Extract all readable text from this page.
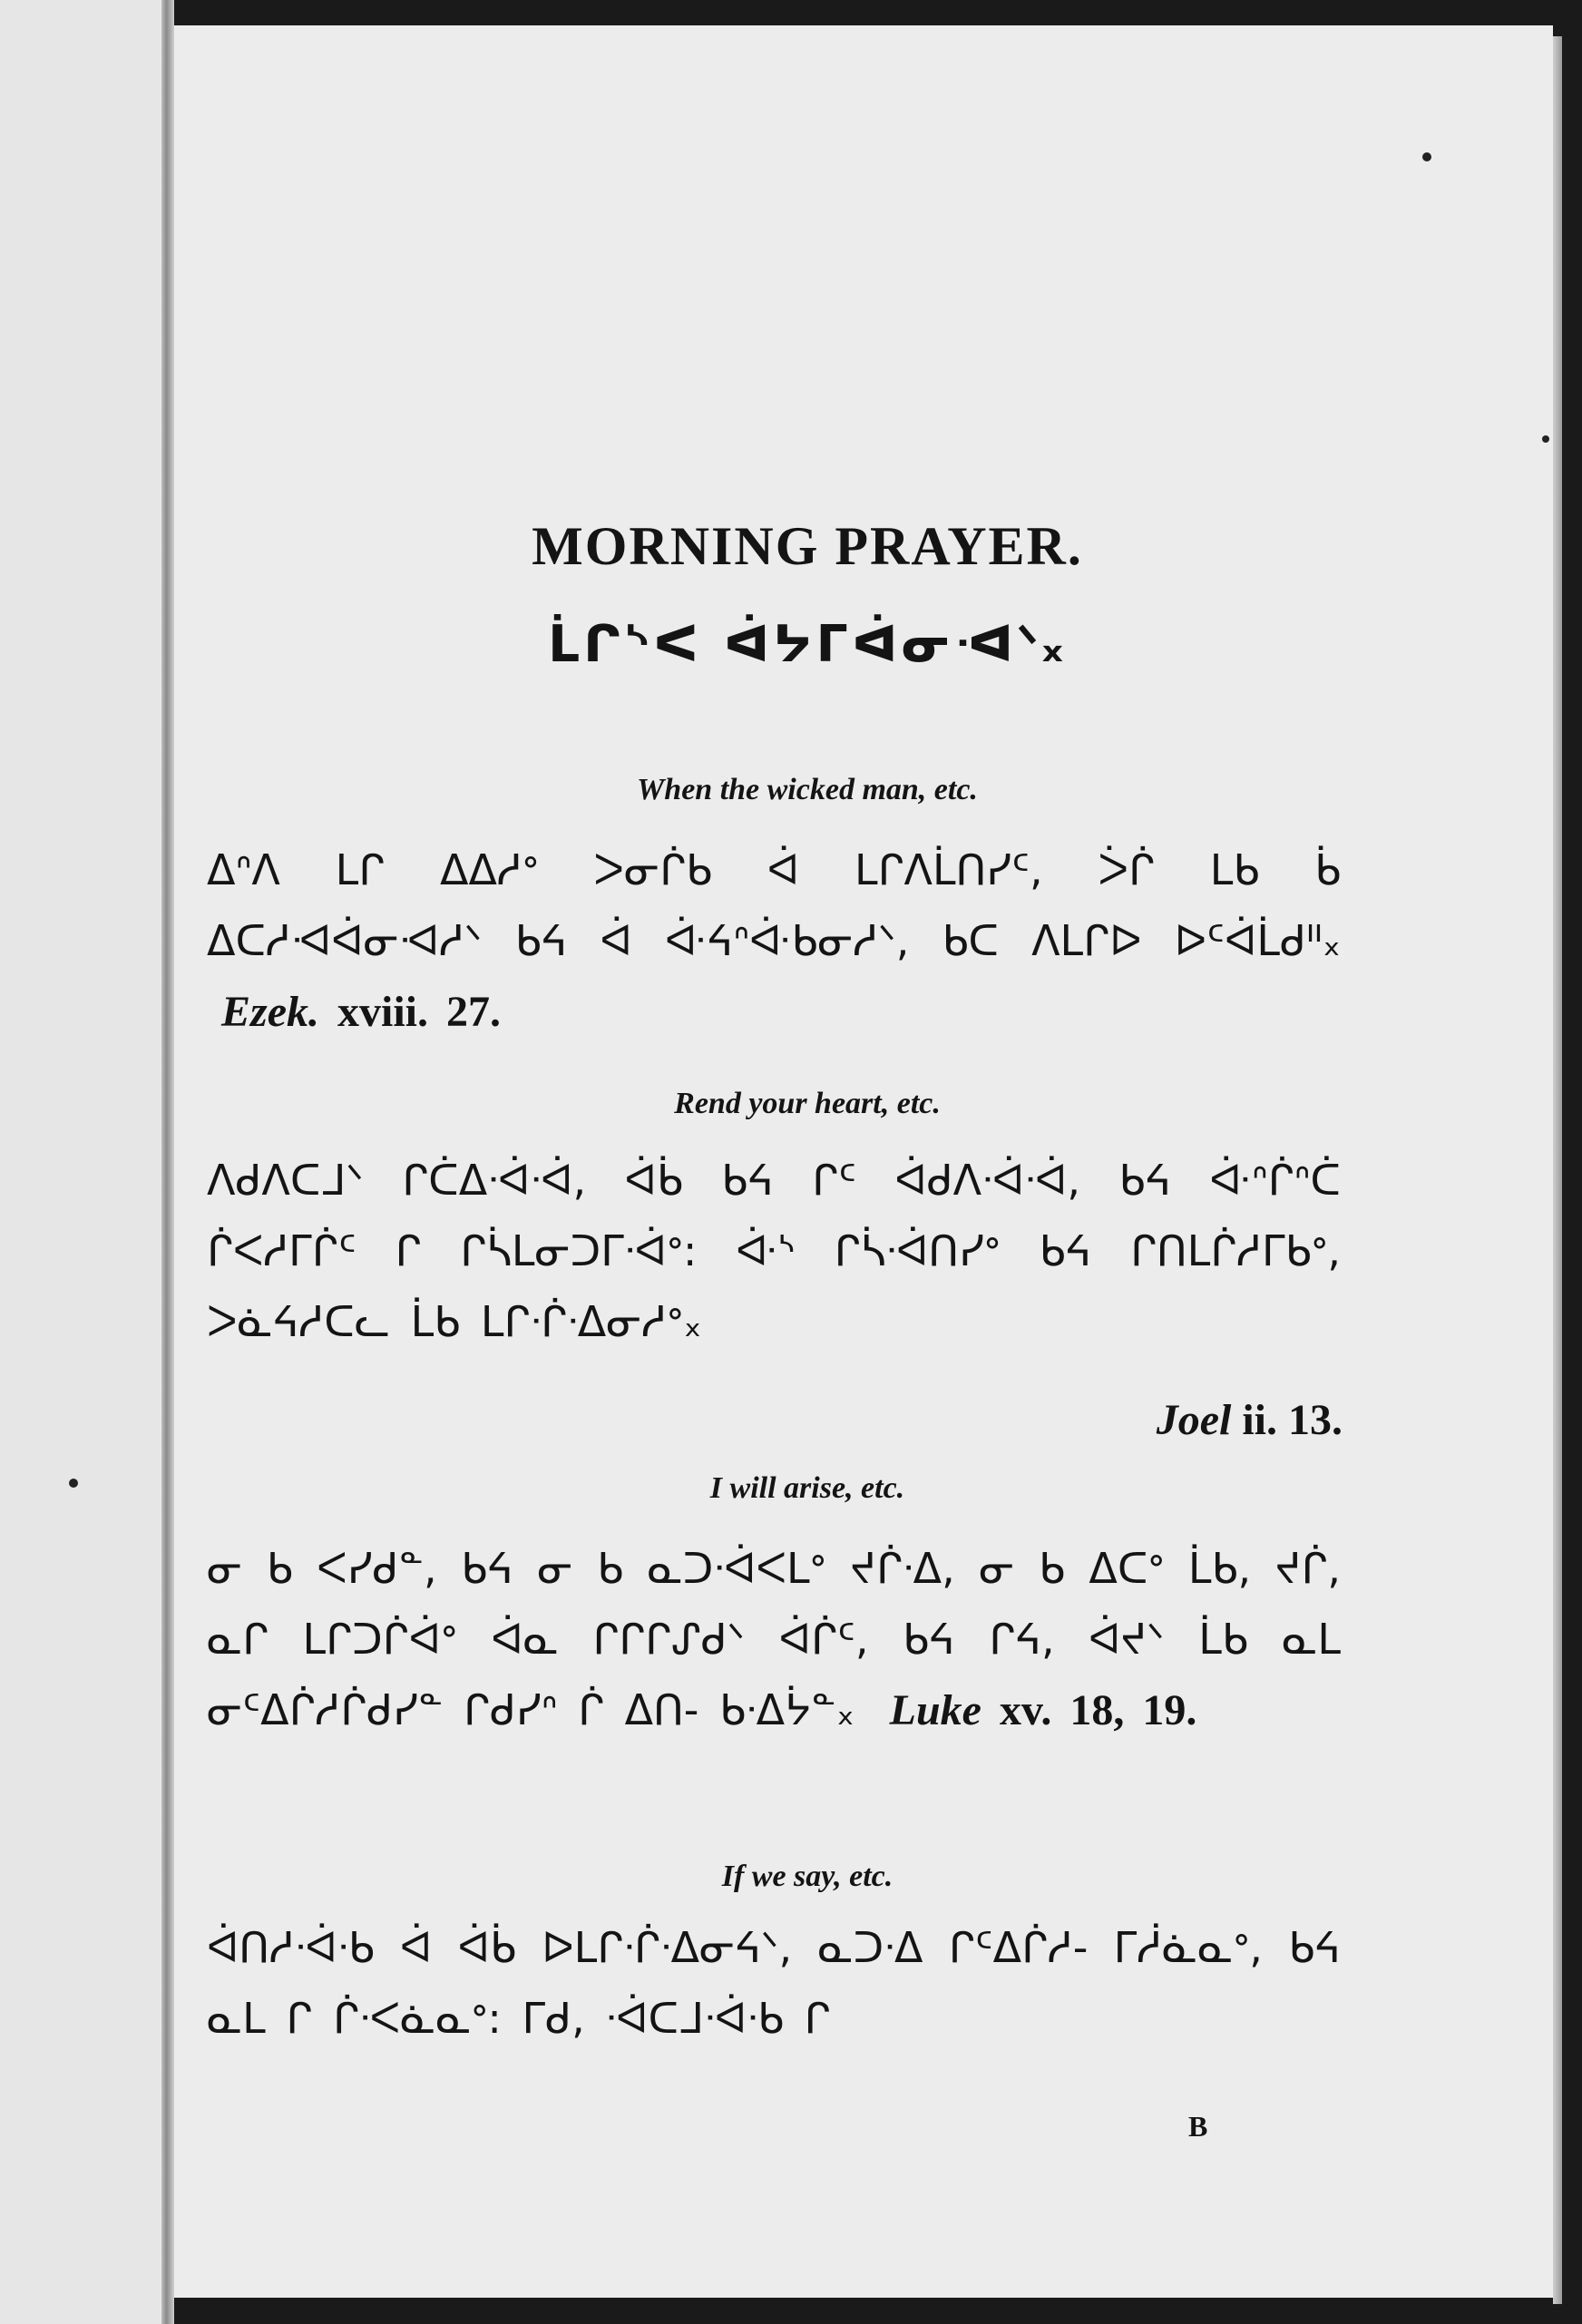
MORNING PRAYER.
ᒫᒋᔅᐸ ᐋᔭᒥᐋᓂᐗᐠₓ
When the wicked man, etc.
ᐃᐢᐱ ᒪᒋ ᐃᐃᓱᐤ ᐳᓂᒌᑲ ᐋ ᒪᒋᐱᒫᑎᓯᑦ, ᐴᒌ ᒪᑲ ᑳ ᐃᑕᓱᐗᐋᓂᐗᓱᐠ ᑲᔦ ᐋ ᐚᔦᐢᐚᑲᓂᓱᐠ, ᑲᑕ ᐱᒪᒋᐅ ᐅᑦᐋᒫᑯᐦₓ Ezek. xviii. 27.
Rend your heart, etc.
ᐱᑯᐱᑕᒧᐠ ᒋᑖᐃᐧᐋᐧᐋ, ᐋᑳ ᑲᔦ ᒋᑦ ᐋᑯᐱᐧᐋᐧᐋ, ᑲᔦ ᐚᐢᒌᐢᑖ ᒌᐸᓱᒥᒌᑦ ᒋ ᒋᓵᒪᓂᑐᒥᐧᐋᐤ: ᐚᔅ ᒋᓵᐧᐋᑎᓯᐤ ᑲᔦ ᒋᑎᒪᒌᓱᒥᑲᐤ, ᐳᓈᔦᓱᑕᓚ ᒫᑲ ᒪᒋᐧᒌᐧᐃᓂᓱᐤₓ
Joel ii. 13.
I will arise, etc.
ᓂ ᑲ ᐸᓯᑯᓐ, ᑲᔦ ᓂ ᑲ ᓇᑐᐧᐋᐸᒪᐤ ᔪᒌᐧᐃ, ᓂ ᑲ ᐃᑕᐤ ᒫᑲ, ᔪᒌ, ᓇᒋ ᒪᒋᑐᒌᐋᐤ ᐋᓇ ᒋᒋᒋᔑᑯᐠ ᐋᒌᑦ, ᑲᔦ ᒋᔦ, ᐋᔪᐠ ᒫᑲ ᓇᒪ ᓂᑦᐃᒌᓱᒌᑯᓯᓐ ᒋᑯᓯᐢ ᒌ ᐃᑎ- ᑲᐧᐃᔮᓐₓ Luke xv. 18, 19.
If we say, etc.
ᐋᑎᓱᐧᐋᐧᑲ ᐋ ᐋᑳ ᐅᒪᒋᐧᒌᐧᐃᓂᔦᐠ, ᓇᑐᐧᐃ ᒋᑦᐃᒌᓱ- ᒥᓲᓈᓇᐤ, ᑲᔦ ᓇᒪ ᒋ ᒌᐧᐸᓈᓇᐤ: ᒥᑯ, ᐧᐋᑕᒧᐧᐋᐧᑲ ᒋ
B
